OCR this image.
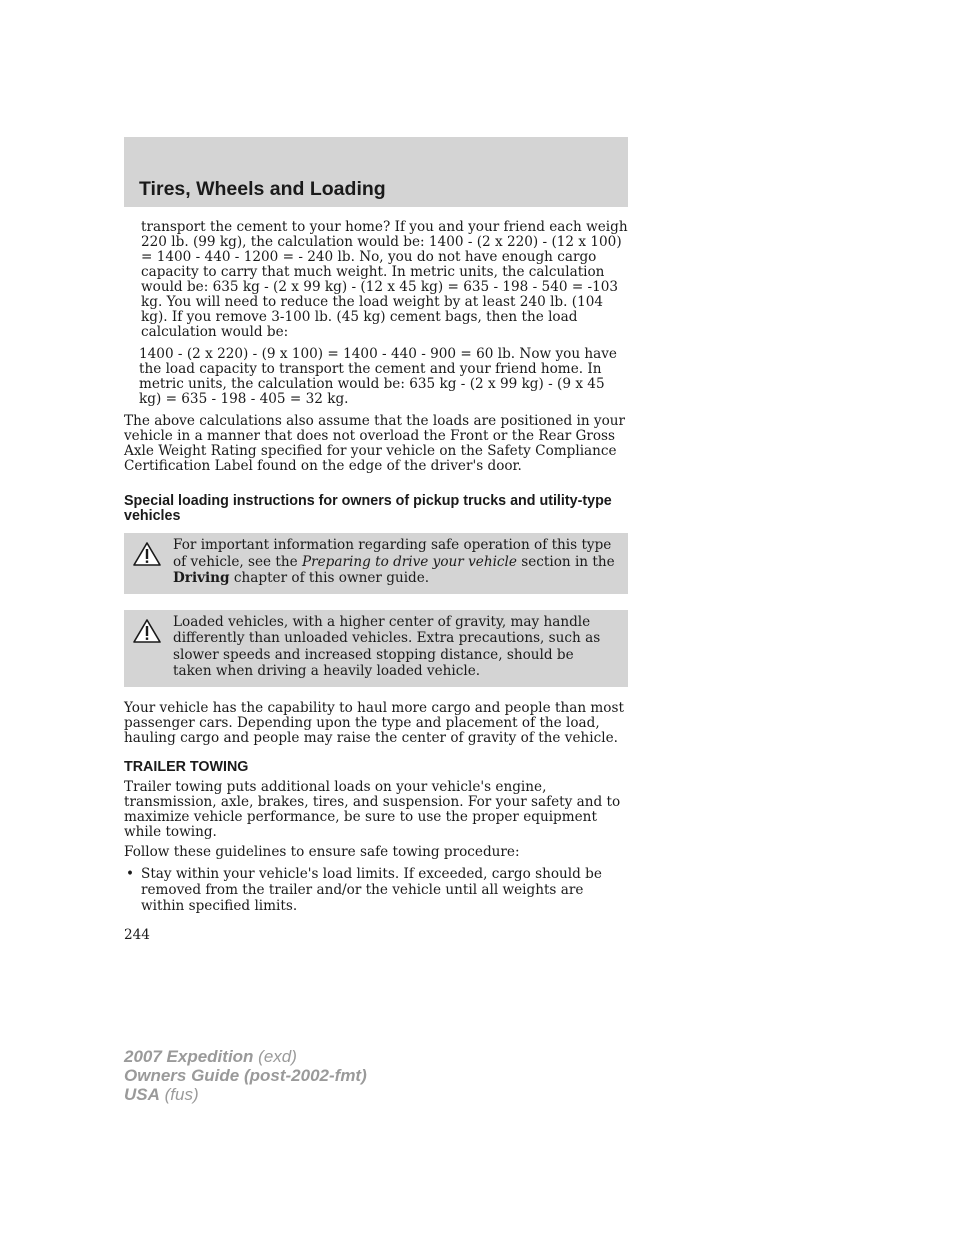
Tires, Wheels and Loading

transport the cement to your home? If you and your friend each weigh 220 lb. (99 kg), the calculation would be: 1400 - (2 x 220) - (12 x 100) = 1400 - 440 - 1200 = - 240 lb. No, you do not have enough cargo capacity to carry that much weight. In metric units, the calculation would be: 635 kg - (2 x 99 kg) - (12 x 45 kg) = 635 - 198 - 540 = -103 kg. You will need to reduce the load weight by at least 240 lb. (104 kg). If you remove 3-100 lb. (45 kg) cement bags, then the load calculation would be:

1400 - (2 x 220) - (9 x 100) = 1400 - 440 - 900 = 60 lb. Now you have the load capacity to transport the cement and your friend home. In metric units, the calculation would be: 635 kg - (2 x 99 kg) - (9 x 45 kg) = 635 - 198 - 405 = 32 kg.

The above calculations also assume that the loads are positioned in your vehicle in a manner that does not overload the Front or the Rear Gross Axle Weight Rating specified for your vehicle on the Safety Compliance Certification Label found on the edge of the driver's door.

Special loading instructions for owners of pickup trucks and utility-type vehicles

For important information regarding safe operation of this type of vehicle, see the Preparing to drive your vehicle section in the Driving chapter of this owner guide.

Loaded vehicles, with a higher center of gravity, may handle differently than unloaded vehicles. Extra precautions, such as slower speeds and increased stopping distance, should be taken when driving a heavily loaded vehicle.

Your vehicle has the capability to haul more cargo and people than most passenger cars. Depending upon the type and placement of the load, hauling cargo and people may raise the center of gravity of the vehicle.

TRAILER TOWING

Trailer towing puts additional loads on your vehicle's engine, transmission, axle, brakes, tires, and suspension. For your safety and to maximize vehicle performance, be sure to use the proper equipment while towing.

Follow these guidelines to ensure safe towing procedure:

• Stay within your vehicle's load limits. If exceeded, cargo should be removed from the trailer and/or the vehicle until all weights are within specified limits.

244

2007 Expedition (exd)
Owners Guide (post-2002-fmt)
USA (fus)
